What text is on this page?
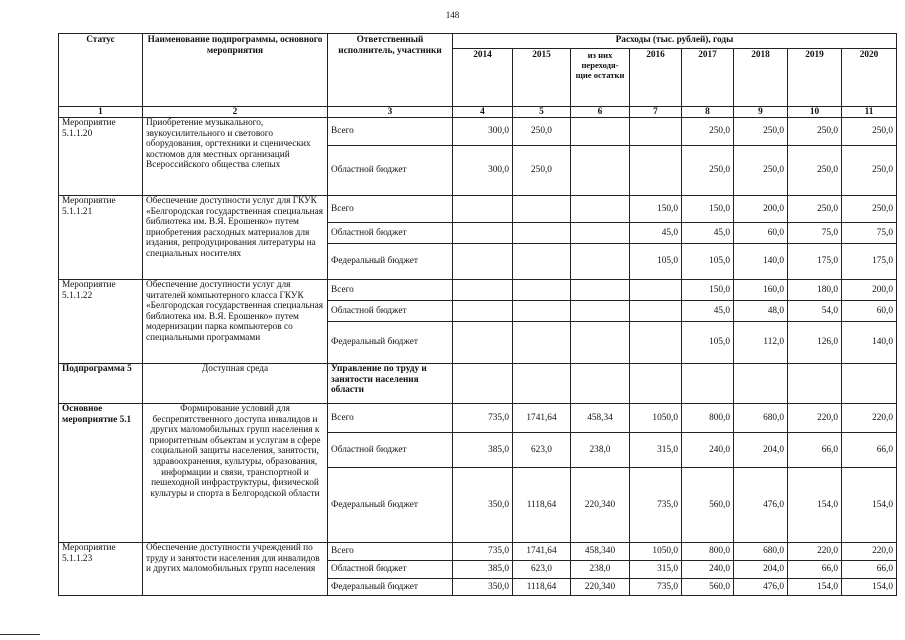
148
Статус	Наименование подпрограммы, основного мероприятия	Ответственный исполнитель, участники	Расходы (тыс. рублей), годы							
			2014	2015	из них переходя-щие остатки	2016	2017	2018	2019	2020
1	2	3	4	5	6	7	8	9	10	11
Мероприятие 5.1.1.20	Приобретение музыкального, звукоусилительного и светового оборудования, оргтехники и сценических костюмов для местных организаций Всероссийского общества слепых	Всего	300,0	250,0			250,0	250,0	250,0	250,0
		Областной бюджет	300,0	250,0			250,0	250,0	250,0	250,0
Мероприятие 5.1.1.21	Обеспечение доступности услуг для ГКУК «Белгородская государственная специальная библиотека им. В.Я. Ерошенко» путем приобретения расходных материалов для издания, репродуцирования литературы на специальных носителях	Всего				150,0	150,0	200,0	250,0	250,0
		Областной бюджет				45,0	45,0	60,0	75,0	75,0
		Федеральный бюджет				105,0	105,0	140,0	175,0	175,0
Мероприятие 5.1.1.22	Обеспечение доступности услуг для читателей компьютерного класса ГКУК «Белгородская государственная специальная библиотека им. В.Я. Ерошенко» путем модернизации парка компьютеров со специальными программами	Всего					150,0	160,0	180,0	200,0
		Областной бюджет					45,0	48,0	54,0	60,0
		Федеральный бюджет					105,0	112,0	126,0	140,0
Подпрограмма 5	Доступная среда	Управление по труду и занятости населения области								
Основное мероприятие 5.1	Формирование условий для беспрепятственного доступа инвалидов и других маломобильных групп населения к приоритетным объектам и услугам в сфере социальной защиты населения, занятости, здравоохранения, культуры, образования, информации и связи, транспортной и пешеходной инфраструктуры, физической культуры и спорта в Белгородской области	Всего	735,0	1741,64	458,34	1050,0	800,0	680,0	220,0	220,0
		Областной бюджет	385,0	623,0	238,0	315,0	240,0	204,0	66,0	66,0
		Федеральный бюджет	350,0	1118,64	220,340	735,0	560,0	476,0	154,0	154,0
Мероприятие 5.1.1.23	Обеспечение доступности учреждений по труду и занятости населения для инвалидов и других маломобильных групп населения	Всего	735,0	1741,64	458,340	1050,0	800,0	680,0	220,0	220,0
		Областной бюджет	385,0	623,0	238,0	315,0	240,0	204,0	66,0	66,0
		Федеральный бюджет	350,0	1118,64	220,340	735,0	560,0	476,0	154,0	154,0
